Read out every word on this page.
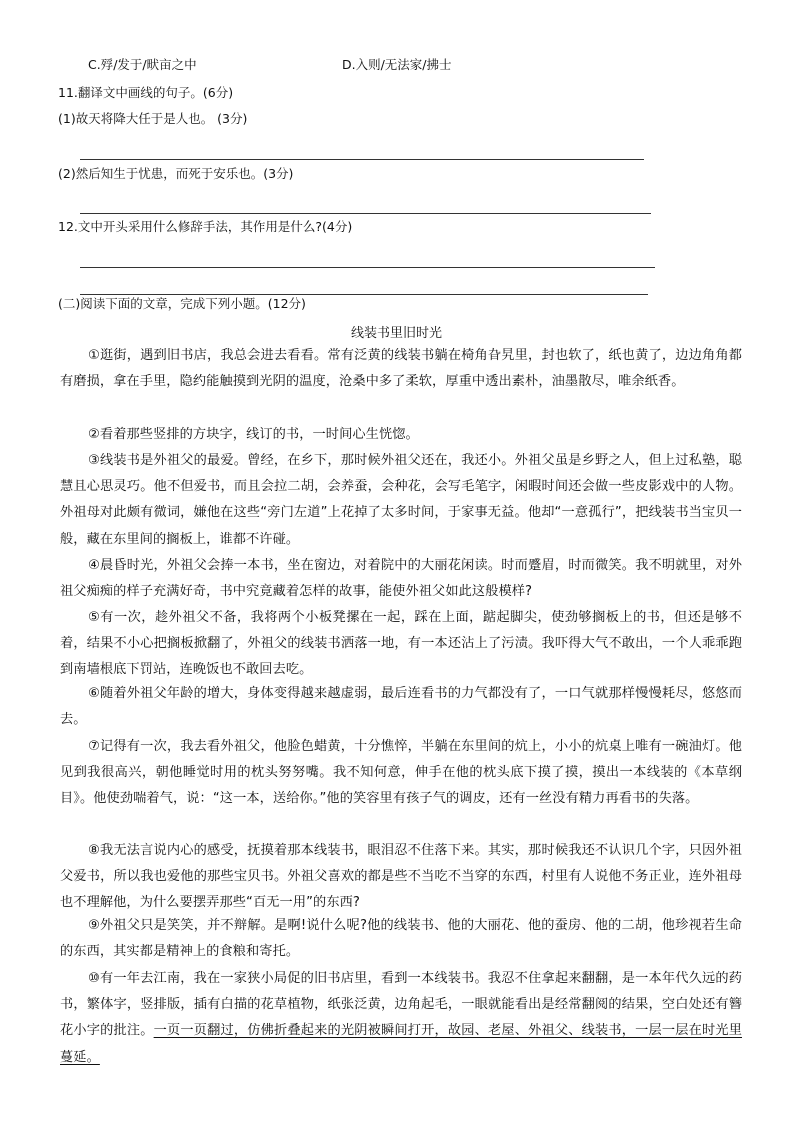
C.殍/发于/畎亩之中	D.入则/无法家/拂士
11.翻译文中画线的句子。(6分)
(1)故天将降大任于是人也。 (3分)
(2)然后知生于忧患，而死于安乐也。(3分)
12.文中开头采用什么修辞手法，其作用是什么?(4分)
(二)阅读下面的文章，完成下列小题。(12分)
线装书里旧时光

①逛街，遇到旧书店，我总会进去看看。常有泛黄的线装书躺在椅角旮旯里，封也软了，纸也黄了，边边角角都有磨损，拿在手里，隐约能触摸到光阴的温度，沧桑中多了柔软，厚重中透出素朴，油墨散尽，唯余纸香。

②看着那些竖排的方块字，线订的书，一时间心生恍惚。

③线装书是外祖父的最爱。曾经，在乡下，那时候外祖父还在，我还小。外祖父虽是乡野之人，但上过私塾，聪慧且心思灵巧。他不但爱书，而且会拉二胡，会养蚕，会种花，会写毛笔字，闲暇时间还会做一些皮影戏中的人物。外祖母对此颇有微词，嫌他在这些“旁门左道”上花掉了太多时间，于家事无益。他却“一意孤行”，把线装书当宝贝一般，藏在东里间的搁板上，谁都不许碰。

④晨昏时光，外祖父会捧一本书，坐在窗边，对着院中的大丽花闲读。时而蹙眉，时而微笑。我不明就里，对外祖父痴痴的样子充满好奇，书中究竟藏着怎样的故事，能使外祖父如此这般模样?

⑤有一次，趁外祖父不备，我将两个小板凳摞在一起，踩在上面，踮起脚尖，使劲够搁板上的书，但还是够不着，结果不小心把搁板掀翻了，外祖父的线装书洒落一地，有一本还沾上了污渍。我吓得大气不敢出，一个人乖乖跑到南墙根底下罚站，连晚饭也不敢回去吃。

⑥随着外祖父年龄的增大，身体变得越来越虚弱，最后连看书的力气都没有了，一口气就那样慢慢耗尽，悠悠而去。

⑦记得有一次，我去看外祖父，他脸色蜡黄，十分憔悴，半躺在东里间的炕上，小小的炕桌上唯有一碗油灯。他见到我很高兴，朝他睡觉时用的枕头努努嘴。我不知何意，伸手在他的枕头底下摸了摸，摸出一本线装的《本草纲目》。他使劲喘着气，说：“这一本，送给你。”他的笑容里有孩子气的调皮，还有一丝没有精力再看书的失落。

⑧我无法言说内心的感受，抚摸着那本线装书，眼泪忍不住落下来。其实，那时候我还不认识几个字，只因外祖父爱书，所以我也爱他的那些宝贝书。外祖父喜欢的都是些不当吃不当穿的东西，村里有人说他不务正业，连外祖母也不理解他，为什么要摆弄那些“百无一用”的东西?

⑨外祖父只是笑笑，并不辩解。是啊!说什么呢?他的线装书、他的大丽花、他的蚕房、他的二胡，他珍视若生命的东西，其实都是精神上的食粮和寄托。

⑩有一年去江南，我在一家狭小局促的旧书店里，看到一本线装书。我忍不住拿起来翻翻，是一本年代久远的药书，繁体字，竖排版，插有白描的花草植物，纸张泛黄，边角起毛，一眼就能看出是经常翻阅的结果，空白处还有簪花小字的批注。一页一页翻过，仿佛折叠起来的光阴被瞬间打开，故园、老屋、外祖父、线装书，一层一层在时光里蔓延。
